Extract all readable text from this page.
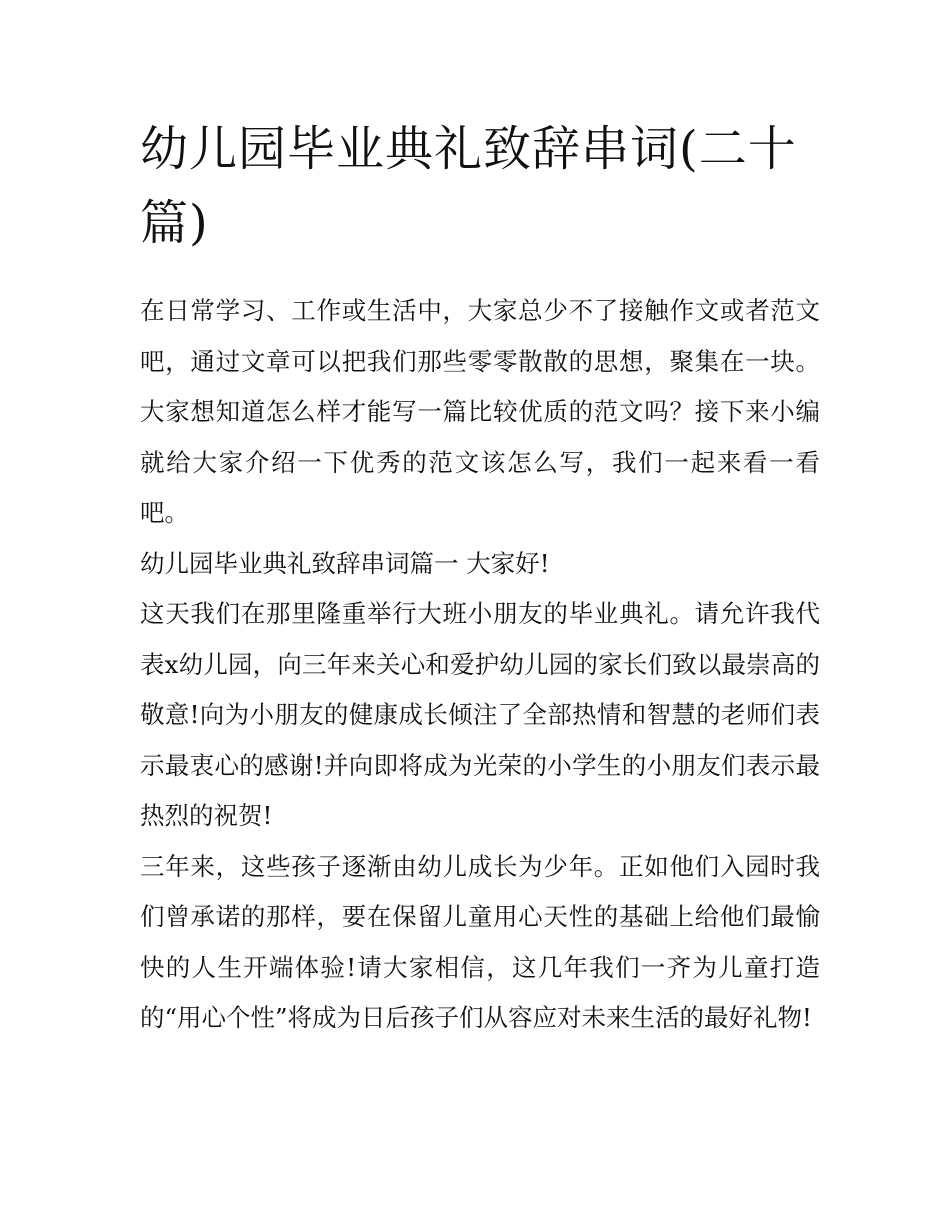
幼儿园毕业典礼致辞串词(二十篇)

在日常学习、工作或生活中，大家总少不了接触作文或者范文吧，通过文章可以把我们那些零零散散的思想，聚集在一块。大家想知道怎么样才能写一篇比较优质的范文吗？接下来小编就给大家介绍一下优秀的范文该怎么写，我们一起来看一看吧。

幼儿园毕业典礼致辞串词篇一 大家好!

这天我们在那里隆重举行大班小朋友的毕业典礼。请允许我代表x幼儿园，向三年来关心和爱护幼儿园的家长们致以最崇高的敬意!向为小朋友的健康成长倾注了全部热情和智慧的老师们表示最衷心的感谢!并向即将成为光荣的小学生的小朋友们表示最热烈的祝贺!

三年来，这些孩子逐渐由幼儿成长为少年。正如他们入园时我们曾承诺的那样，要在保留儿童用心天性的基础上给他们最愉快的人生开端体验!请大家相信，这几年我们一齐为儿童打造的“用心个性”将成为日后孩子们从容应对未来生活的最好礼物!
